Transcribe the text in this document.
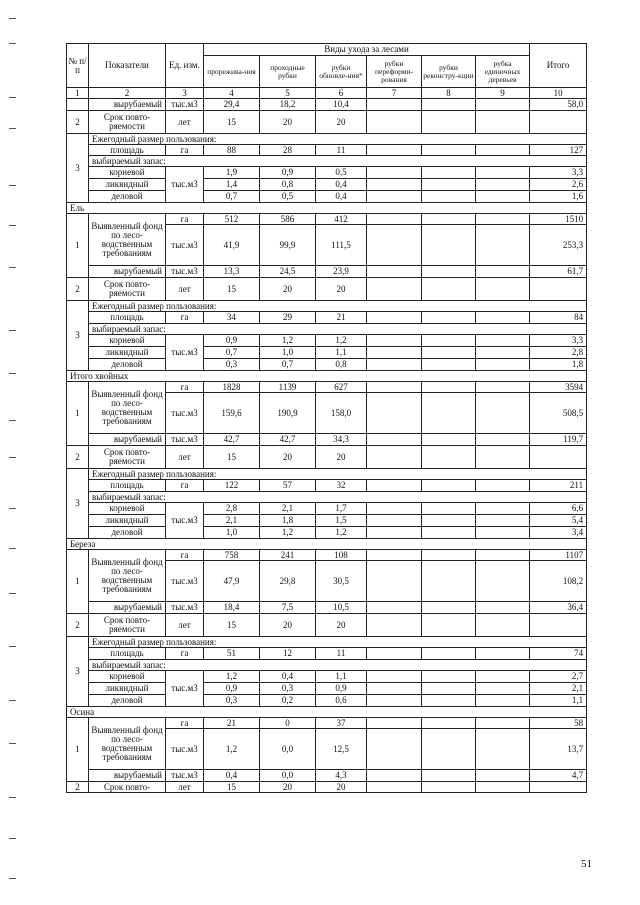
№ п/п	Показатели	Ед. изм.	Виды ухода за лесами						Итого
			прорежива-ния	проходные рубки	рубки обновле-ния*	рубки переформи-рования	рубки реконстру-кции	рубка единичных деревьев	
1	2	3	4	5	6	7	8	9	10
	вырубаемый	тыс.м3	29,4	18,2	10,4				58,0
2	Срок повто-ряемости	лет	15	20	20				
3	Ежегодный размер пользования:								
	площадь	га	88	28	11				127
	выбираемый запас:								
	корневой	тыс.м3	1,9	0,9	0,5				3,3
	ликвидный		1,4	0,8	0,4				2,6
	деловой		0,7	0,5	0,4				1,6
Ель									
1	Выявленный фонд по лесо-водственным требованиям	га	512	586	412				1510
		тыс.м3	41,9	99,9	111,5				253,3

	вырубаемый	тыс.м3	13,3	24,5	23,9				61,7
2	Срок повто-ряемости	лет	15	20	20				
3	Ежегодный размер пользования:								
	площадь	га	34	29	21				84
	выбираемый запас:								
	корневой	тыс.м3	0,9	1,2	1,2				3,3
	ликвидный		0,7	1,0	1,1				2,8
	деловой		0,3	0,7	0,8				1,8
Итого хвойных									
1	Выявленный фонд по лесо-водственным требованиям	га	1828	1139	627				3594
		тыс.м3	159,6	190,9	158,0				508,5

	вырубаемый	тыс.м3	42,7	42,7	34,3				119,7
2	Срок повто-ряемости	лет	15	20	20				
3	Ежегодный размер пользования:								
	площадь	га	122	57	32				211
	выбираемый запас:								
	корневой	тыс.м3	2,8	2,1	1,7				6,6
	ликвидный		2,1	1,8	1,5				5,4
	деловой		1,0	1,2	1,2				3,4
Береза									
1	Выявленный фонд по лесо-водственным требованиям	га	758	241	108				1107
		тыс.м3	47,9	29,8	30,5				108,2

	вырубаемый	тыс.м3	18,4	7,5	10,5				36,4
2	Срок повто-ряемости	лет	15	20	20				
3	Ежегодный размер пользования:								
	площадь	га	51	12	11				74
	выбираемый запас:								
	корневой	тыс.м3	1,2	0,4	1,1				2,7
	ликвидный		0,9	0,3	0,9				2,1
	деловой		0,3	0,2	0,6				1,1
Осина									
1	Выявленный фонд по лесо-водственным требованиям	га	21	0	37				58
		тыс.м3	1,2	0,0	12,5				13,7

	вырубаемый	тыс.м3	0,4	0,0	4,3				4,7
2	Срок повто-	лет	15	20	20				
51
